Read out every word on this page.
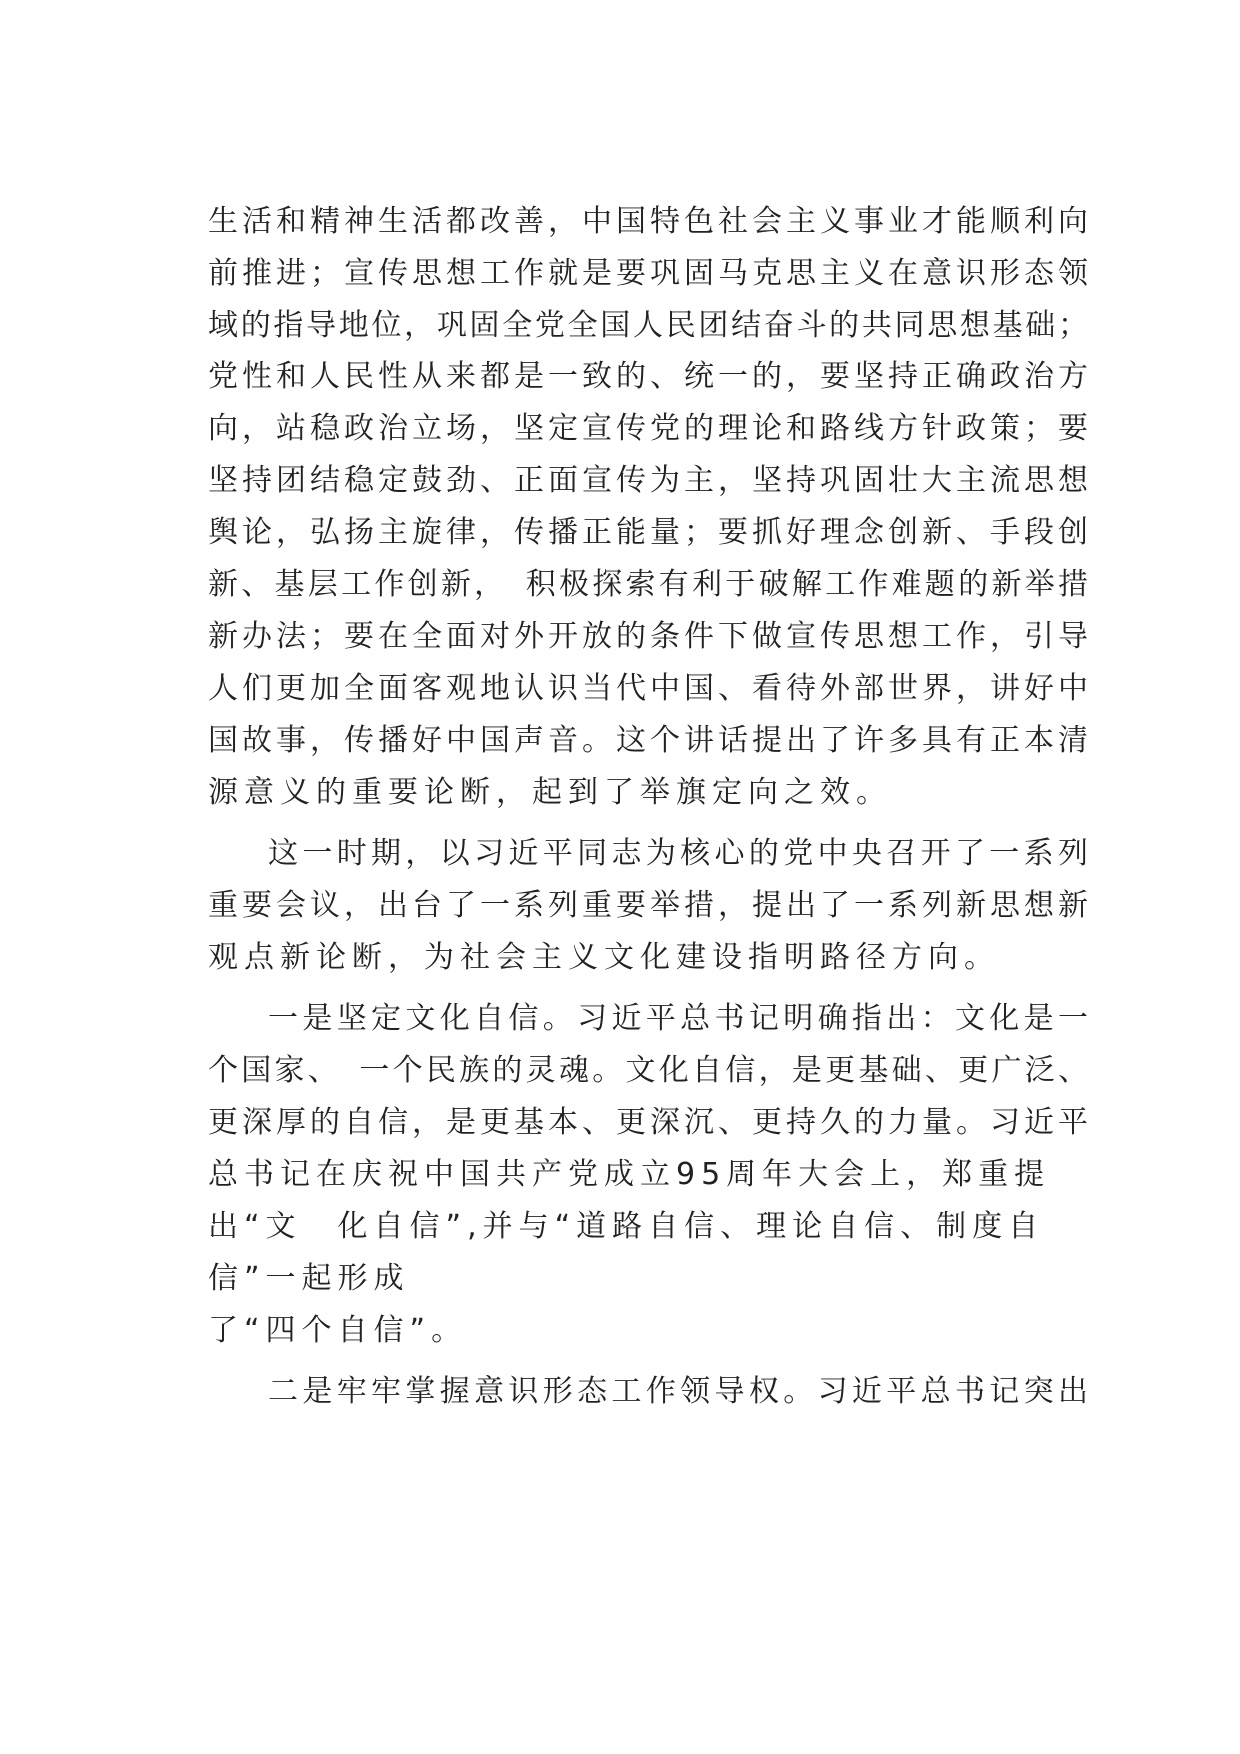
生活和精神生活都改善，中国特色社会主义事业才能顺利向
前推进；宣传思想工作就是要巩固马克思主义在意识形态领
域的指导地位，巩固全党全国人民团结奋斗的共同思想基础；
党性和人民性从来都是一致的、统一的，要坚持正确政治方
向，站稳政治立场，坚定宣传党的理论和路线方针政策；要
坚持团结稳定鼓劲、正面宣传为主，坚持巩固壮大主流思想
舆论，弘扬主旋律，传播正能量；要抓好理念创新、手段创
新、基层工作创新，　积极探索有利于破解工作难题的新举措
新办法；要在全面对外开放的条件下做宣传思想工作，引导
人们更加全面客观地认识当代中国、看待外部世界，讲好中
国故事，传播好中国声音。这个讲话提出了许多具有正本清
源意义的重要论断，起到了举旗定向之效。
这一时期，以习近平同志为核心的党中央召开了一系列
重要会议，出台了一系列重要举措，提出了一系列新思想新
观点新论断，为社会主义文化建设指明路径方向。
一是坚定文化自信。习近平总书记明确指出：文化是一
个国家、　一个民族的灵魂。文化自信，是更基础、更广泛、
更深厚的自信，是更基本、更深沉、更持久的力量。习近平
总书记在庆祝中国共产党成立95周年大会上，郑重提
出“文　化自信”,并与“道路自信、理论自信、制度自
信”一起形成
了“四个自信”。
二是牢牢掌握意识形态工作领导权。习近平总书记突出
